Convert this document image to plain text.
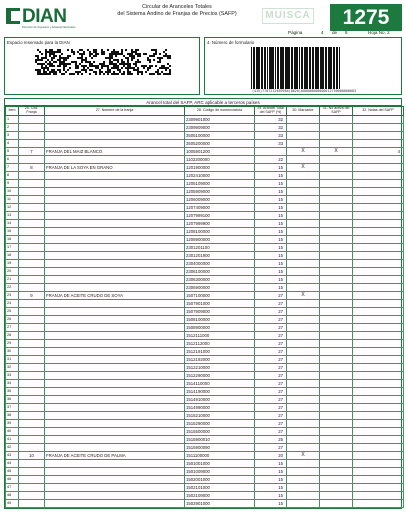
DIAN
Dirección de Impuestos y Aduanas Nacionales
Circular de Aranceles Totales
del Sistema Andino de Franjas de Precios (SAFP)	MUISCA	1275
Página	4 de 6	Hoja No. 2
Espacio reservado para la DIAN	4. Número de formulario
(415)7707212489984(8020)000000000000012750000000003
Arancel total del SAFP, ARC aplicable a terceros países
Item	25. Cód. Franja	27. Nombre de la franja	28. Código de nomenclatura	29. Arancel Total del SAFP (%)	30. Marcador	31. No activa del SAFP	32. Notas del SAFP
1			2309901000	32			
2			2309909000	32			
3			3505100000	33			
4			3505200000	33			
5	7	FRANJA DEL MAIZ BLANCO	1005901200		X	X	4
6			1102200000	22			
7	8	FRANJA DE LA SOYA EN GRANO	1201900000	15	X		
8			1202410000	15			
9			1205109000	15			
10			1205909000	15			
11			1206009000	15			
12			1207409000	15			
13			1207999100	15			
14			1207999900	15			
15			1208100000	15			
16			1208900000	15			
17			2301201100	15			
18			2301201900	15			
19			2304000000	15			
20			2306100000	15			
21			2306300000	15			
22			2306900000	15			
23	9	FRANJA DE ACEITE CRUDO DE SOYA	1507100000	27	X		
24			1507901000	27			
25			1507909000	27			
26			1508100000	27			
27			1508900000	27			
28			1512111000	27			
29			1512112000	27			
30			1512191000	27			
31			1512192000	27			
32			1512210000	27			
33			1512290000	27			
34			1514110000	27			
35			1514190000	27			
36			1514910000	27			
37			1514990000	27			
38			1515210000	27			
39			1515290000	27			
40			1515500000	27			
41			1515900010	25			
42			1515900090	27			
43	10	FRANJA DE ACEITE CRUDO DE PALMA	1511100000	20	X		
44			1501001000	15			
45			1501009000	15			
46			1502001000	15			
47			1502101000	15			
48			1502109000	15			
49			1502901000	15			
